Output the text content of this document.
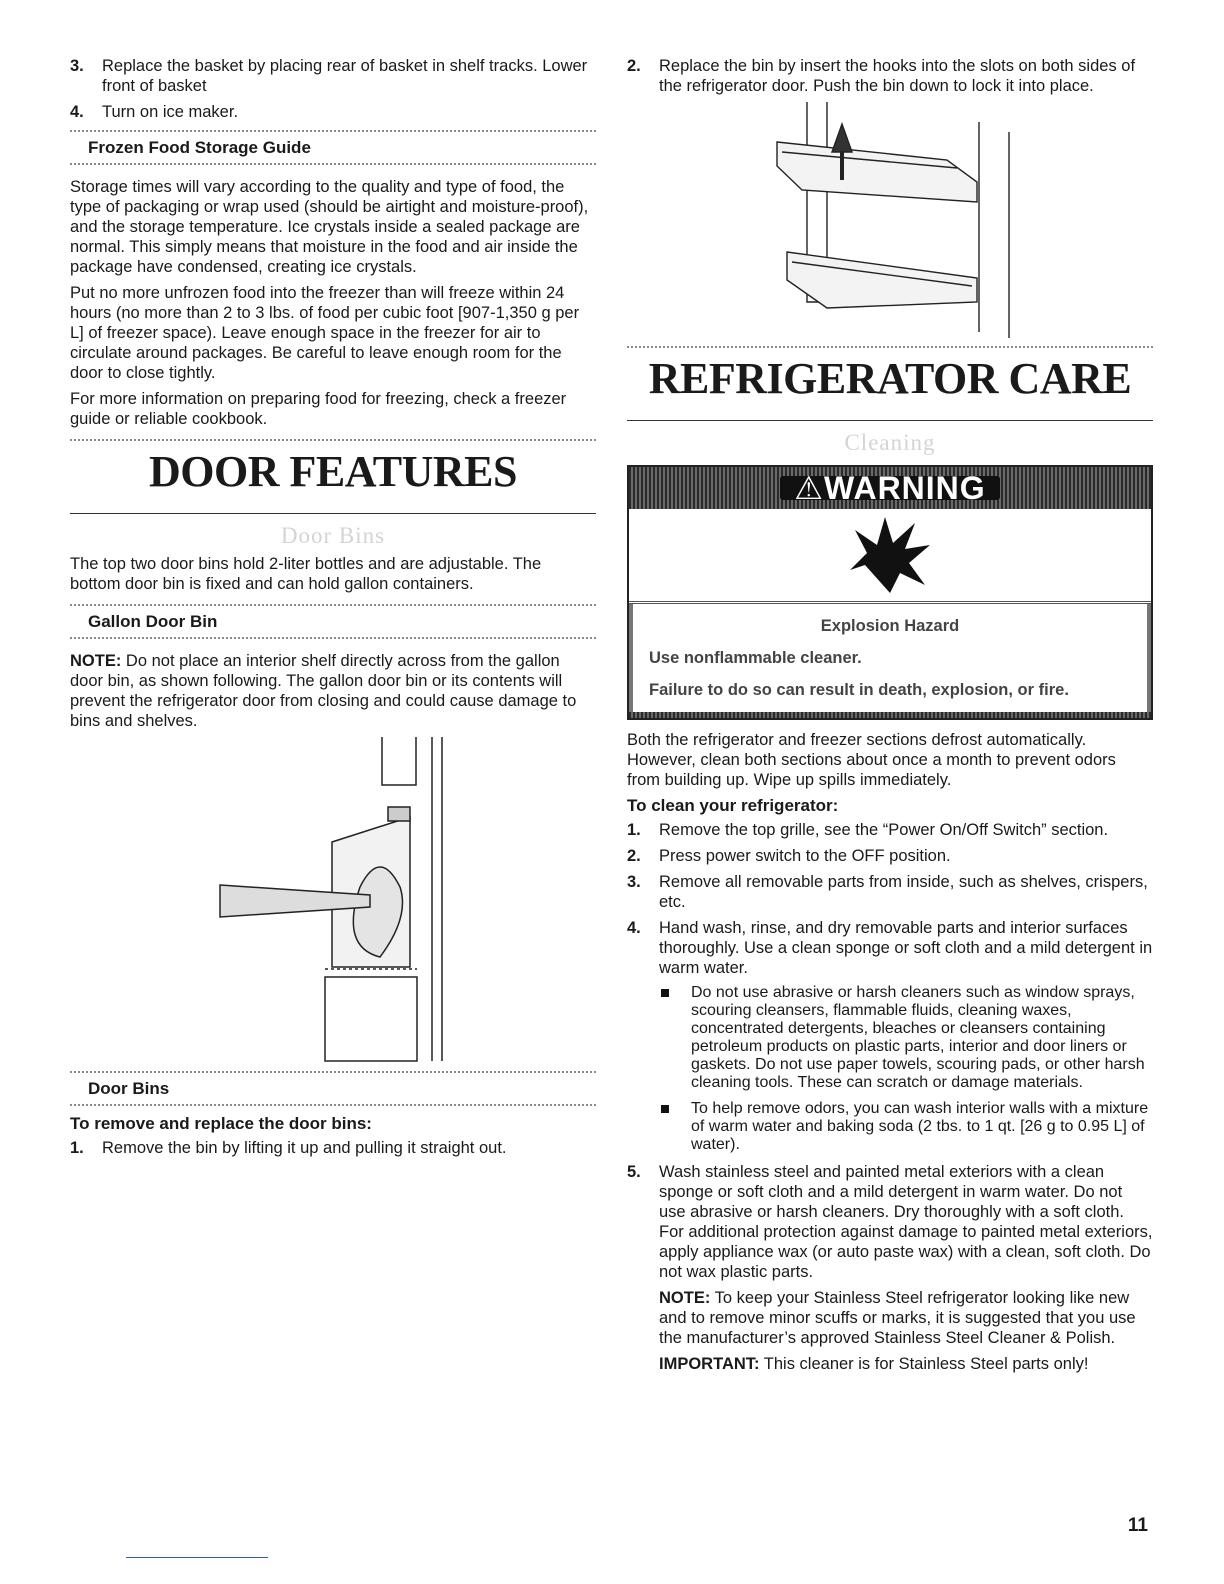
3. Replace the basket by placing rear of basket in shelf tracks. Lower front of basket
4. Turn on ice maker.
Frozen Food Storage Guide

Storage times will vary according to the quality and type of food, the type of packaging or wrap used (should be airtight and moisture-proof), and the storage temperature. Ice crystals inside a sealed package are normal. This simply means that moisture in the food and air inside the package have condensed, creating ice crystals.

Put no more unfrozen food into the freezer than will freeze within 24 hours (no more than 2 to 3 lbs. of food per cubic foot [907-1,350 g per L] of freezer space). Leave enough space in the freezer for air to circulate around packages. Be careful to leave enough room for the door to close tightly.

For more information on preparing food for freezing, check a freezer guide or reliable cookbook.

DOOR FEATURES
Door Bins

The top two door bins hold 2-liter bottles and are adjustable. The bottom door bin is fixed and can hold gallon containers.

Gallon Door Bin

NOTE: Do not place an interior shelf directly across from the gallon door bin, as shown following. The gallon door bin or its contents will prevent the refrigerator door from closing and could cause damage to bins and shelves.

Door Bins
To remove and replace the door bins:
1. Remove the bin by lifting it up and pulling it straight out.
2. Replace the bin by insert the hooks into the slots on both sides of the refrigerator door. Push the bin down to lock it into place.
REFRIGERATOR CARE
Cleaning
⚠WARNING
Explosion Hazard
Use nonflammable cleaner.
Failure to do so can result in death, explosion, or fire.

Both the refrigerator and freezer sections defrost automatically. However, clean both sections about once a month to prevent odors from building up. Wipe up spills immediately.

To clean your refrigerator:
1. Remove the top grille, see the “Power On/Off Switch” section.
2. Press power switch to the OFF position.
3. Remove all removable parts from inside, such as shelves, crispers, etc.
4. Hand wash, rinse, and dry removable parts and interior surfaces thoroughly. Use a clean sponge or soft cloth and a mild detergent in warm water.
Do not use abrasive or harsh cleaners such as window sprays, scouring cleansers, flammable fluids, cleaning waxes, concentrated detergents, bleaches or cleansers containing petroleum products on plastic parts, interior and door liners or gaskets. Do not use paper towels, scouring pads, or other harsh cleaning tools. These can scratch or damage materials.
To help remove odors, you can wash interior walls with a mixture of warm water and baking soda (2 tbs. to 1 qt. [26 g to 0.95 L] of water).
5. Wash stainless steel and painted metal exteriors with a clean sponge or soft cloth and a mild detergent in warm water. Do not use abrasive or harsh cleaners. Dry thoroughly with a soft cloth. For additional protection against damage to painted metal exteriors, apply appliance wax (or auto paste wax) with a clean, soft cloth. Do not wax plastic parts.

NOTE: To keep your Stainless Steel refrigerator looking like new and to remove minor scuffs or marks, it is suggested that you use the manufacturer’s approved Stainless Steel Cleaner & Polish.

IMPORTANT: This cleaner is for Stainless Steel parts only!

11
